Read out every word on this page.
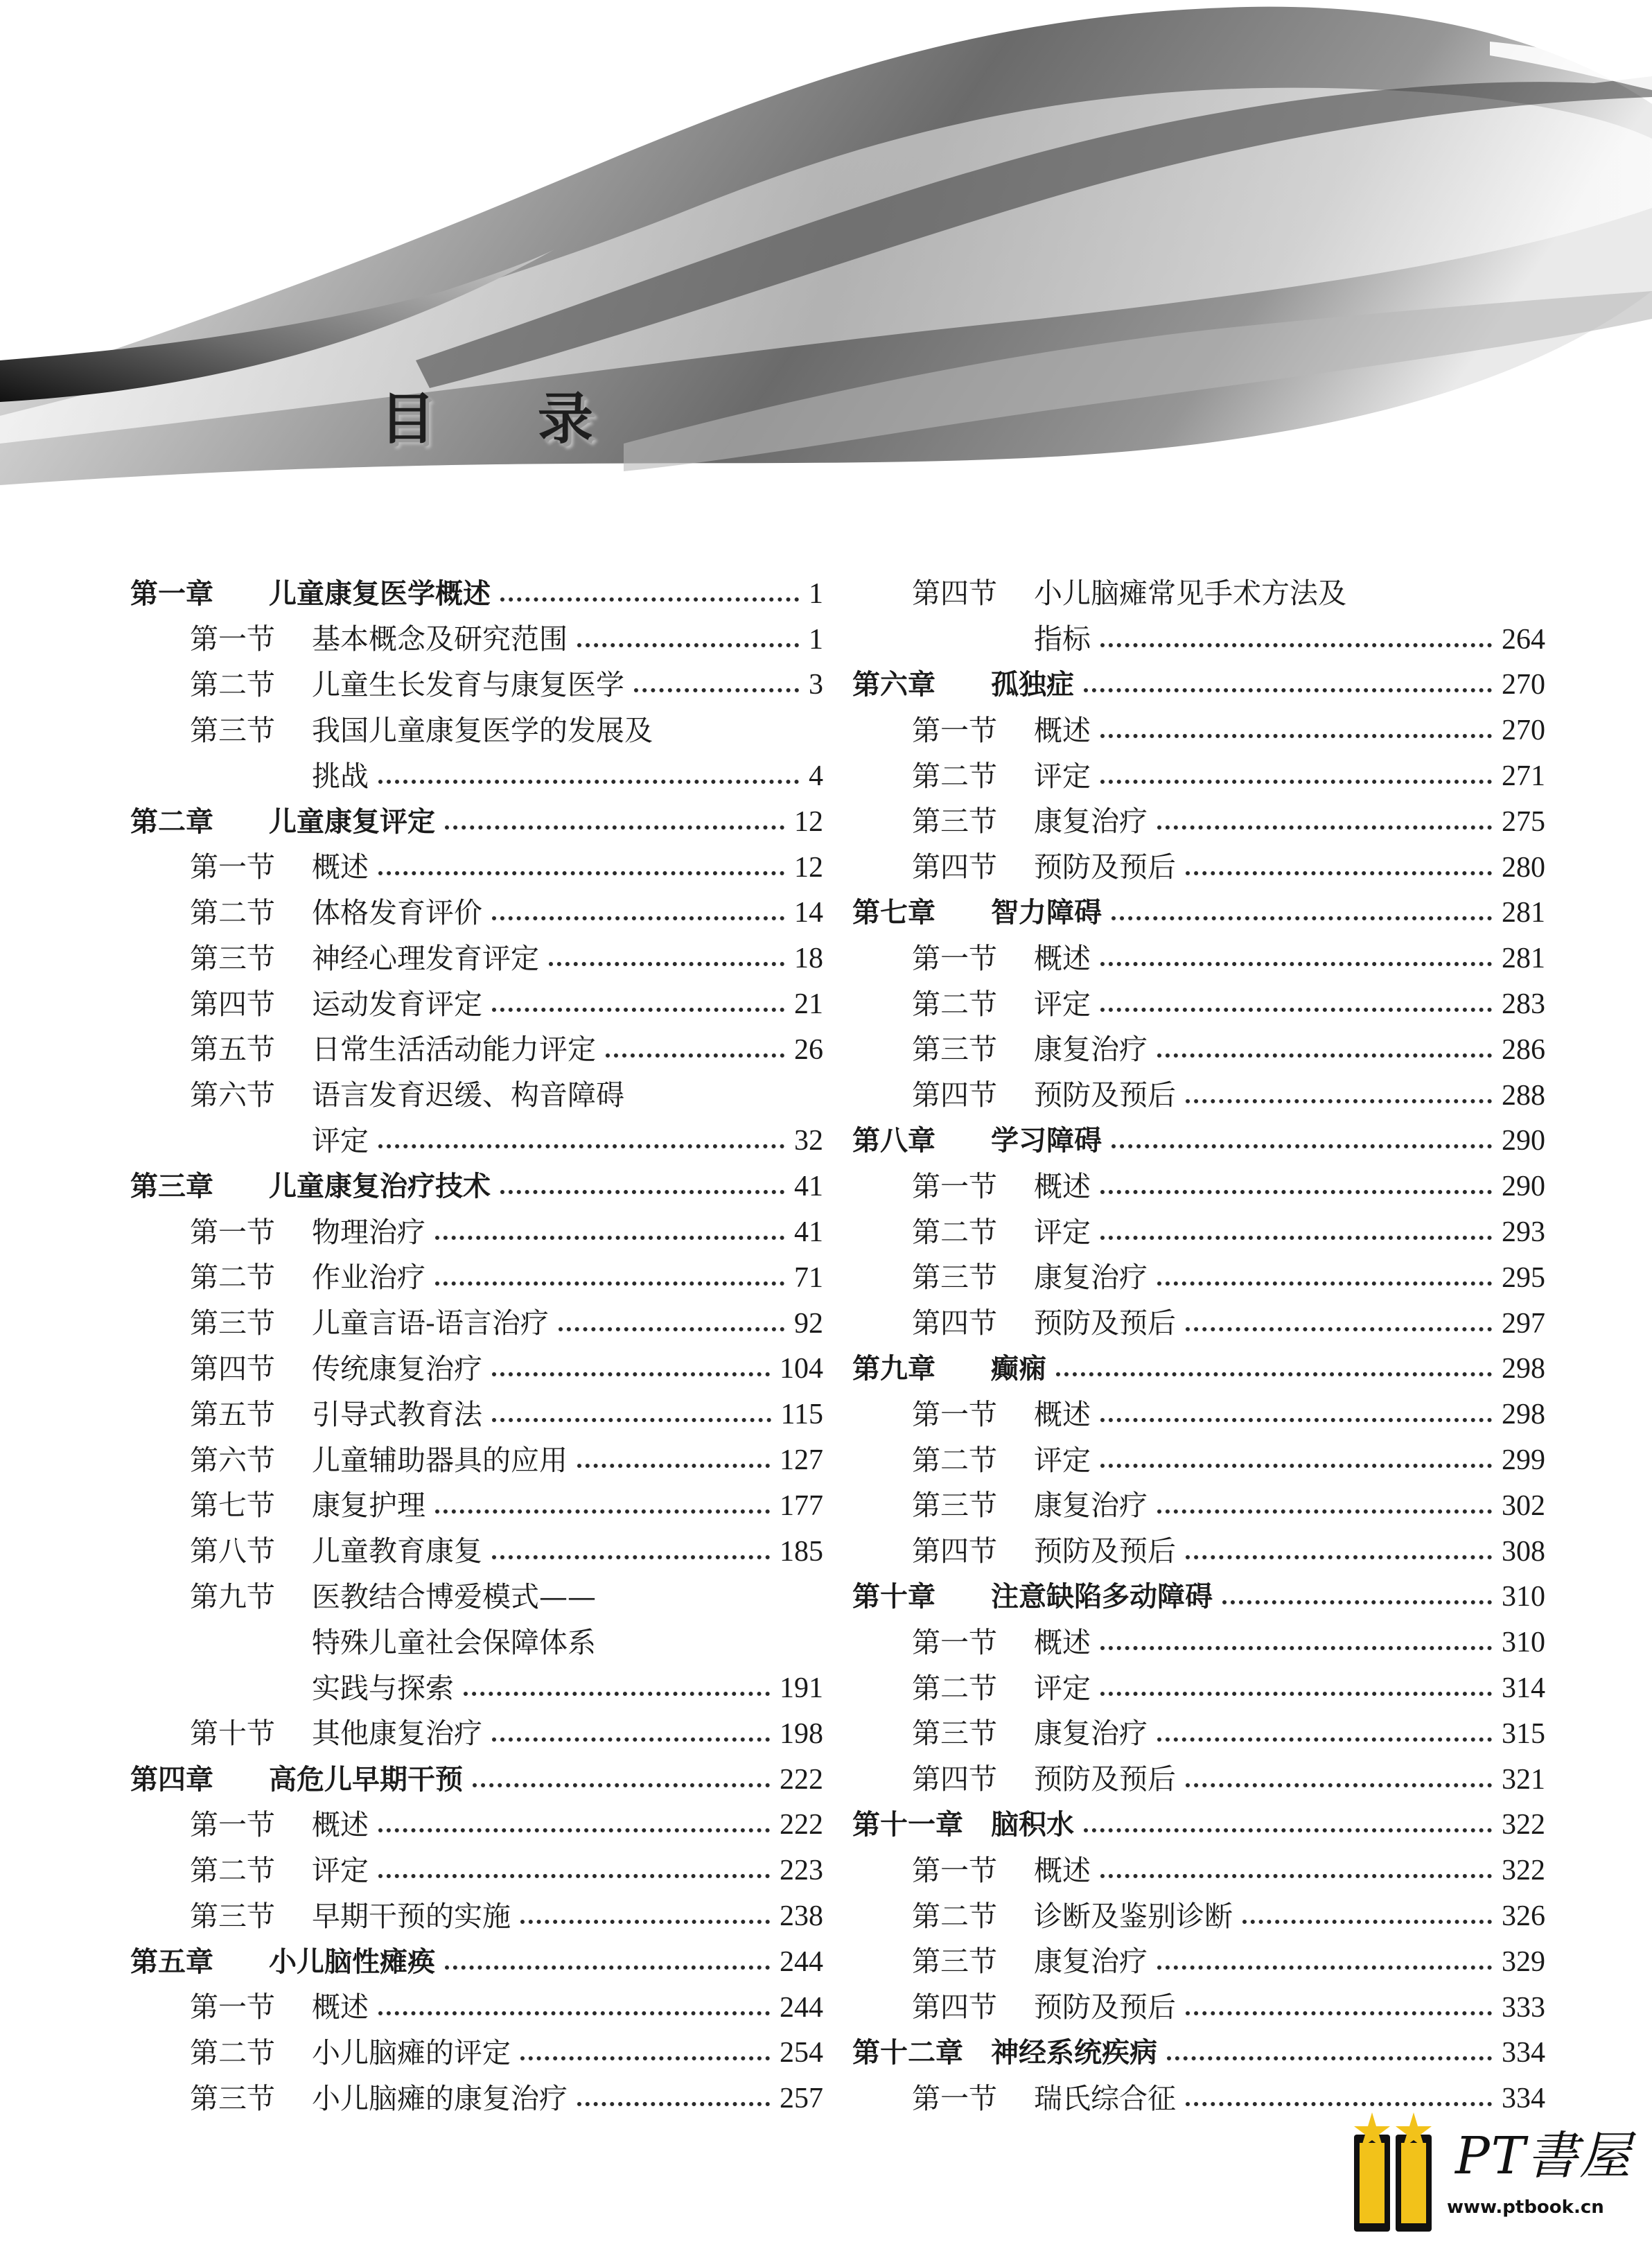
目 录
第一章	儿童康复医学概述	1
第一节	基本概念及研究范围	1
第二节	儿童生长发育与康复医学	3
第三节	我国儿童康复医学的发展及
挑战	4
第二章	儿童康复评定	12
第一节	概述	12
第二节	体格发育评价	14
第三节	神经心理发育评定	18
第四节	运动发育评定	21
第五节	日常生活活动能力评定	26
第六节	语言发育迟缓、构音障碍
评定	32
第三章	儿童康复治疗技术	41
第一节	物理治疗	41
第二节	作业治疗	71
第三节	儿童言语-语言治疗	92
第四节	传统康复治疗	104
第五节	引导式教育法	115
第六节	儿童辅助器具的应用	127
第七节	康复护理	177
第八节	儿童教育康复	185
第九节	医教结合博爱模式——
特殊儿童社会保障体系
实践与探索	191
第十节	其他康复治疗	198
第四章	高危儿早期干预	222
第一节	概述	222
第二节	评定	223
第三节	早期干预的实施	238
第五章	小儿脑性瘫痪	244
第一节	概述	244
第二节	小儿脑瘫的评定	254
第三节	小儿脑瘫的康复治疗	257
第四节	小儿脑瘫常见手术方法及
指标	264
第六章	孤独症	270
第一节	概述	270
第二节	评定	271
第三节	康复治疗	275
第四节	预防及预后	280
第七章	智力障碍	281
第一节	概述	281
第二节	评定	283
第三节	康复治疗	286
第四节	预防及预后	288
第八章	学习障碍	290
第一节	概述	290
第二节	评定	293
第三节	康复治疗	295
第四节	预防及预后	297
第九章	癫痫	298
第一节	概述	298
第二节	评定	299
第三节	康复治疗	302
第四节	预防及预后	308
第十章	注意缺陷多动障碍	310
第一节	概述	310
第二节	评定	314
第三节	康复治疗	315
第四节	预防及预后	321
第十一章	脑积水	322
第一节	概述	322
第二节	诊断及鉴别诊断	326
第三节	康复治疗	329
第四节	预防及预后	333
第十二章	神经系统疾病	334
第一节	瑞氏综合征	334
PT書屋
www.ptbook.cn
